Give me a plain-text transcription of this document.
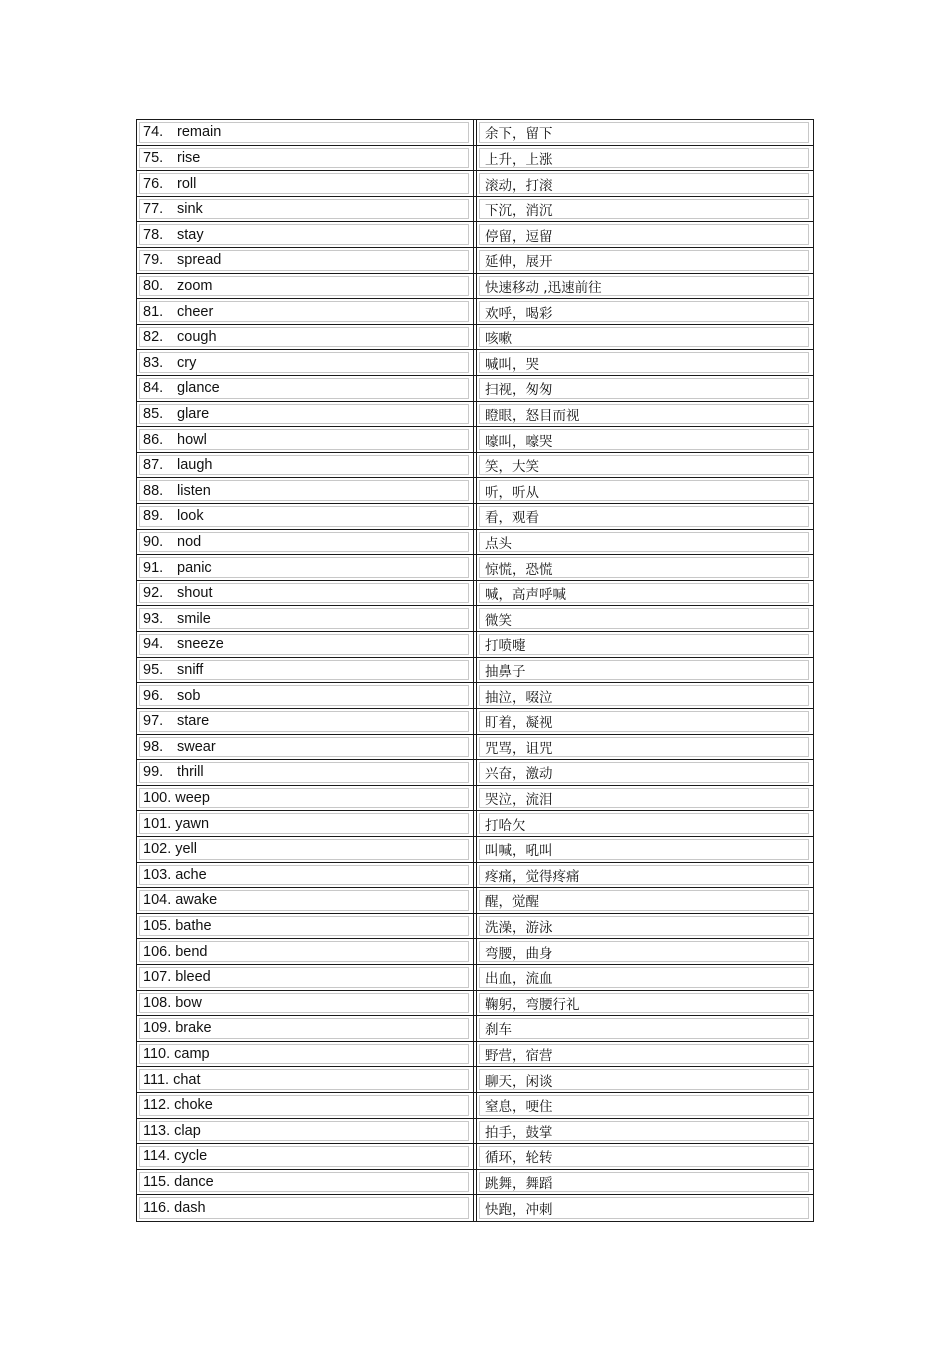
74. remain	余下，留下
75. rise	上升，上涨
76. roll	滚动，打滚
77. sink	下沉，消沉
78. stay	停留，逗留
79. spread	延伸，展开
80. zoom	快速移动 ,迅速前往
81. cheer	欢呼，喝彩
82. cough	咳嗽
83. cry	喊叫，哭
84. glance	扫视，匆匆
85. glare	瞪眼，怒目而视
86. howl	嚎叫，嚎哭
87. laugh	笑，大笑
88. listen	听，听从
89. look	看，观看
90. nod	点头
91. panic	惊慌，恐慌
92. shout	喊，高声呼喊
93. smile	微笑
94. sneeze	打喷嚏
95. sniff	抽鼻子
96. sob	抽泣，啜泣
97. stare	盯着，凝视
98. swear	咒骂，诅咒
99. thrill	兴奋，激动
100. weep	哭泣，流泪
101. yawn	打哈欠
102. yell	叫喊，吼叫
103. ache	疼痛，觉得疼痛
104. awake	醒，觉醒
105. bathe	洗澡，游泳
106. bend	弯腰，曲身
107. bleed	出血，流血
108. bow	鞠躬，弯腰行礼
109. brake	刹车
110. camp	野营，宿营
111. chat	聊天，闲谈
112. choke	窒息，哽住
113. clap	拍手，鼓掌
114. cycle	循环，轮转
115. dance	跳舞，舞蹈
116. dash	快跑，冲刺
